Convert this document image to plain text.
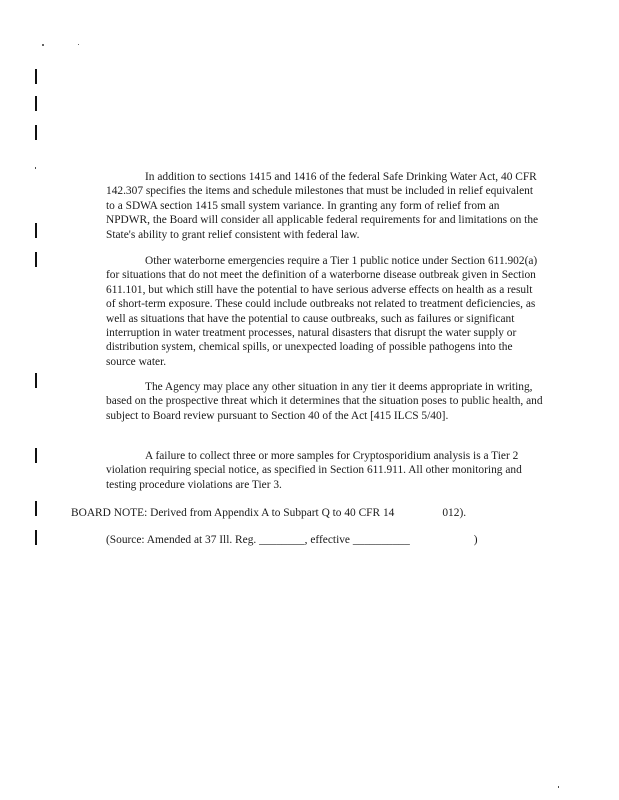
In addition to sections 1415 and 1416 of the federal Safe Drinking Water Act, 40 CFR 142.307 specifies the items and schedule milestones that must be included in relief equivalent to a SDWA section 1415 small system variance. In granting any form of relief from an NPDWR, the Board will consider all applicable federal requirements for and limitations on the State's ability to grant relief consistent with federal law.

Other waterborne emergencies require a Tier 1 public notice under Section 611.902(a) for situations that do not meet the definition of a waterborne disease outbreak given in Section 611.101, but which still have the potential to have serious adverse effects on health as a result of short-term exposure. These could include outbreaks not related to treatment deficiencies, as well as situations that have the potential to cause outbreaks, such as failures or significant interruption in water treatment processes, natural disasters that disrupt the water supply or distribution system, chemical spills, or unexpected loading of possible pathogens into the source water.

The Agency may place any other situation in any tier it deems appropriate in writing, based on the prospective threat which it determines that the situation poses to public health, and subject to Board review pursuant to Section 40 of the Act [415 ILCS 5/40].

A failure to collect three or more samples for Cryptosporidium analysis is a Tier 2 violation requiring special notice, as specified in Section 611.911. All other monitoring and testing procedure violations are Tier 3.

BOARD NOTE: Derived from Appendix A to Subpart Q to 40 CFR 14	012).

(Source: Amended at 37 Ill. Reg. ________, effective __________	)
